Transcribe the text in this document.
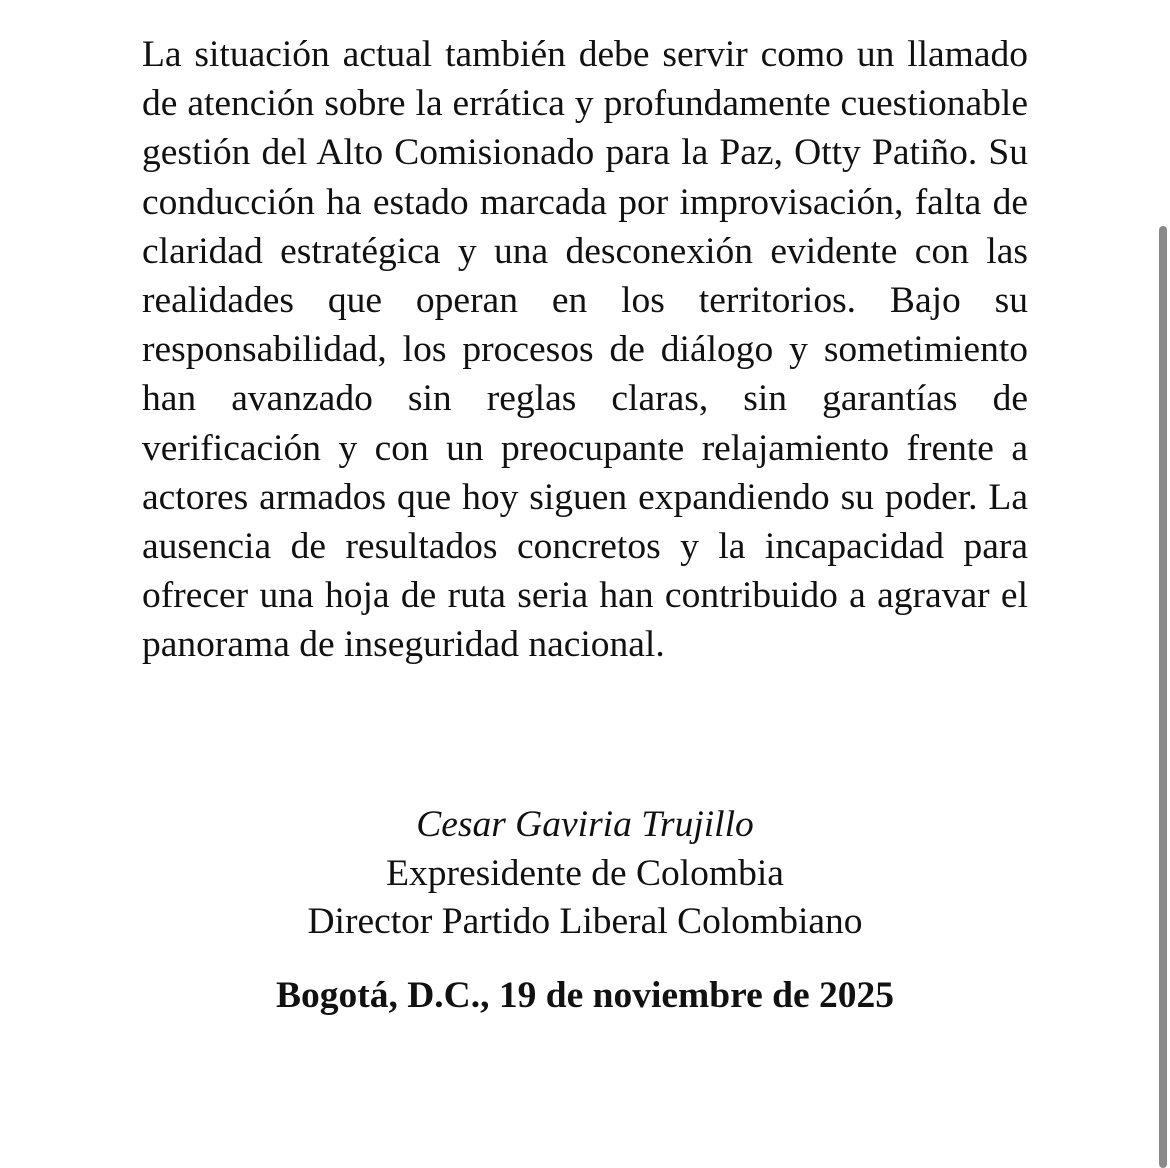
La situación actual también debe servir como un llamado de atención sobre la errática y profundamente cuestionable gestión del Alto Comisionado para la Paz, Otty Patiño. Su conducción ha estado marcada por improvisación, falta de claridad estratégica y una desconexión evidente con las realidades que operan en los territorios. Bajo su responsabilidad, los procesos de diálogo y sometimiento han avanzado sin reglas claras, sin garantías de verificación y con un preocupante relajamiento frente a actores armados que hoy siguen expandiendo su poder. La ausencia de resultados concretos y la incapacidad para ofrecer una hoja de ruta seria han contribuido a agravar el panorama de inseguridad nacional.

Cesar Gaviria Trujillo

Expresidente de Colombia

Director Partido Liberal Colombiano

Bogotá, D.C., 19 de noviembre de 2025
